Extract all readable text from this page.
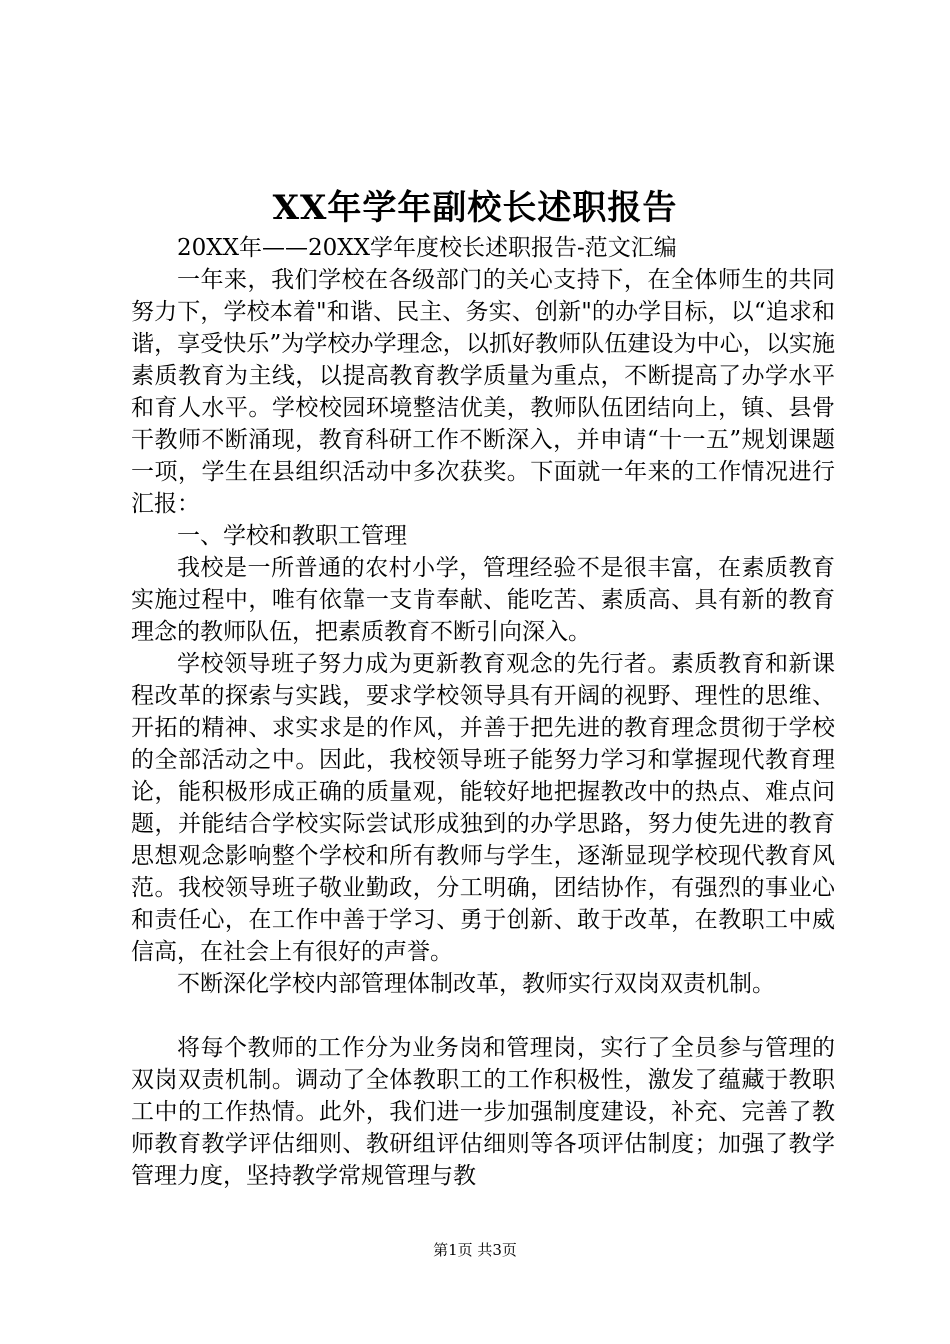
XX年学年副校长述职报告

20XX年——20XX学年度校长述职报告-范文汇编

一年来，我们学校在各级部门的关心支持下，在全体师生的共同努力下，学校本着"和谐、民主、务实、创新"的办学目标，以“追求和谐，享受快乐”为学校办学理念，以抓好教师队伍建设为中心，以实施素质教育为主线，以提高教育教学质量为重点，不断提高了办学水平和育人水平。学校校园环境整洁优美，教师队伍团结向上，镇、县骨干教师不断涌现，教育科研工作不断深入，并申请“十一五”规划课题一项，学生在县组织活动中多次获奖。下面就一年来的工作情况进行汇报：

一、学校和教职工管理

我校是一所普通的农村小学，管理经验不是很丰富，在素质教育实施过程中，唯有依靠一支肯奉献、能吃苦、素质高、具有新的教育理念的教师队伍，把素质教育不断引向深入。

学校领导班子努力成为更新教育观念的先行者。素质教育和新课程改革的探索与实践，要求学校领导具有开阔的视野、理性的思维、开拓的精神、求实求是的作风，并善于把先进的教育理念贯彻于学校的全部活动之中。因此，我校领导班子能努力学习和掌握现代教育理论，能积极形成正确的质量观，能较好地把握教改中的热点、难点问题，并能结合学校实际尝试形成独到的办学思路，努力使先进的教育思想观念影响整个学校和所有教师与学生，逐渐显现学校现代教育风范。我校领导班子敬业勤政，分工明确，团结协作，有强烈的事业心和责任心，在工作中善于学习、勇于创新、敢于改革，在教职工中威信高，在社会上有很好的声誉。

不断深化学校内部管理体制改革，教师实行双岗双责机制。

将每个教师的工作分为业务岗和管理岗，实行了全员参与管理的双岗双责机制。调动了全体教职工的工作积极性，激发了蕴藏于教职工中的工作热情。此外，我们进一步加强制度建设，补充、完善了教师教育教学评估细则、教研组评估细则等各项评估制度；加强了教学管理力度，坚持教学常规管理与教

第1页 共3页
